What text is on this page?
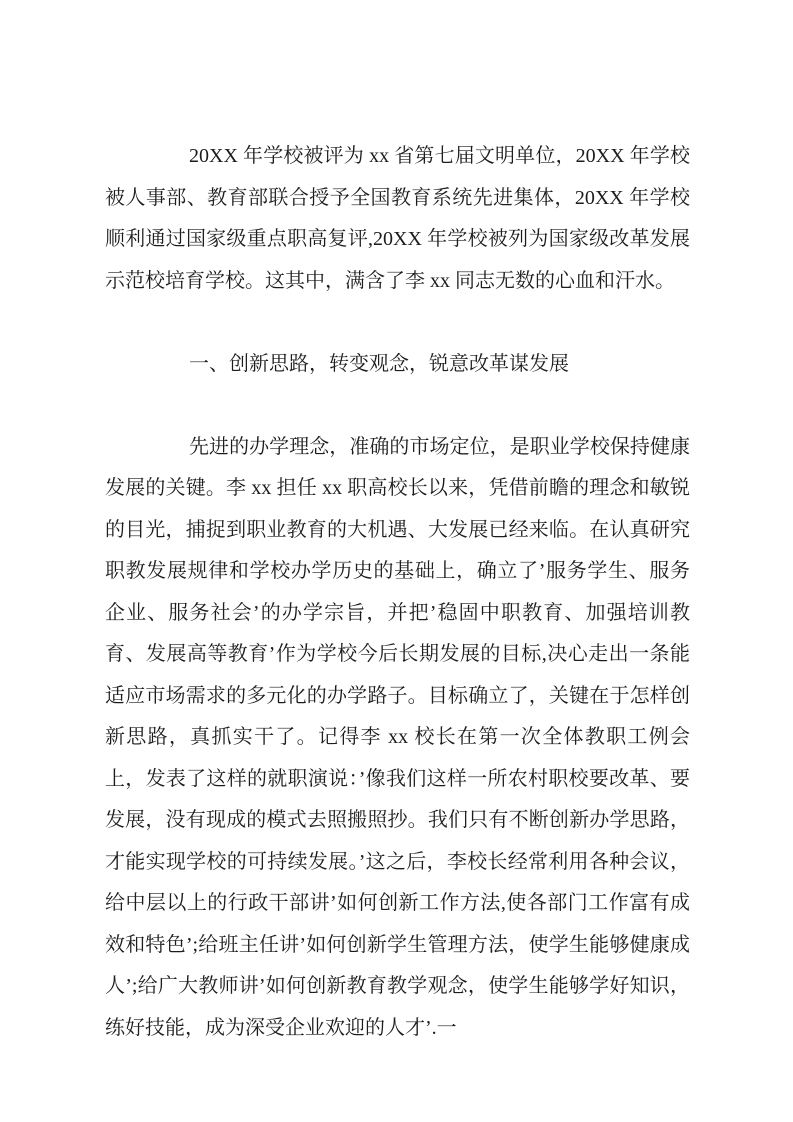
20XX 年学校被评为 xx 省第七届文明单位，20XX 年学校被人事部、教育部联合授予全国教育系统先进集体，20XX 年学校顺利通过国家级重点职高复评,20XX 年学校被列为国家级改革发展示范校培育学校。这其中，满含了李 xx 同志无数的心血和汗水。

一、创新思路，转变观念，锐意改革谋发展

先进的办学理念，准确的市场定位，是职业学校保持健康发展的关键。李 xx 担任 xx 职高校长以来，凭借前瞻的理念和敏锐的目光，捕捉到职业教育的大机遇、大发展已经来临。在认真研究职教发展规律和学校办学历史的基础上，确立了’服务学生、服务企业、服务社会’的办学宗旨，并把’稳固中职教育、加强培训教育、发展高等教育’作为学校今后长期发展的目标,决心走出一条能适应市场需求的多元化的办学路子。目标确立了，关键在于怎样创新思路，真抓实干了。记得李 xx 校长在第一次全体教职工例会上，发表了这样的就职演说：’像我们这样一所农村职校要改革、要发展，没有现成的模式去照搬照抄。我们只有不断创新办学思路，才能实现学校的可持续发展。’这之后，李校长经常利用各种会议，给中层以上的行政干部讲’如何创新工作方法,使各部门工作富有成效和特色’;给班主任讲’如何创新学生管理方法，使学生能够健康成人’;给广大教师讲’如何创新教育教学观念，使学生能够学好知识，练好技能，成为深受企业欢迎的人才’.一
